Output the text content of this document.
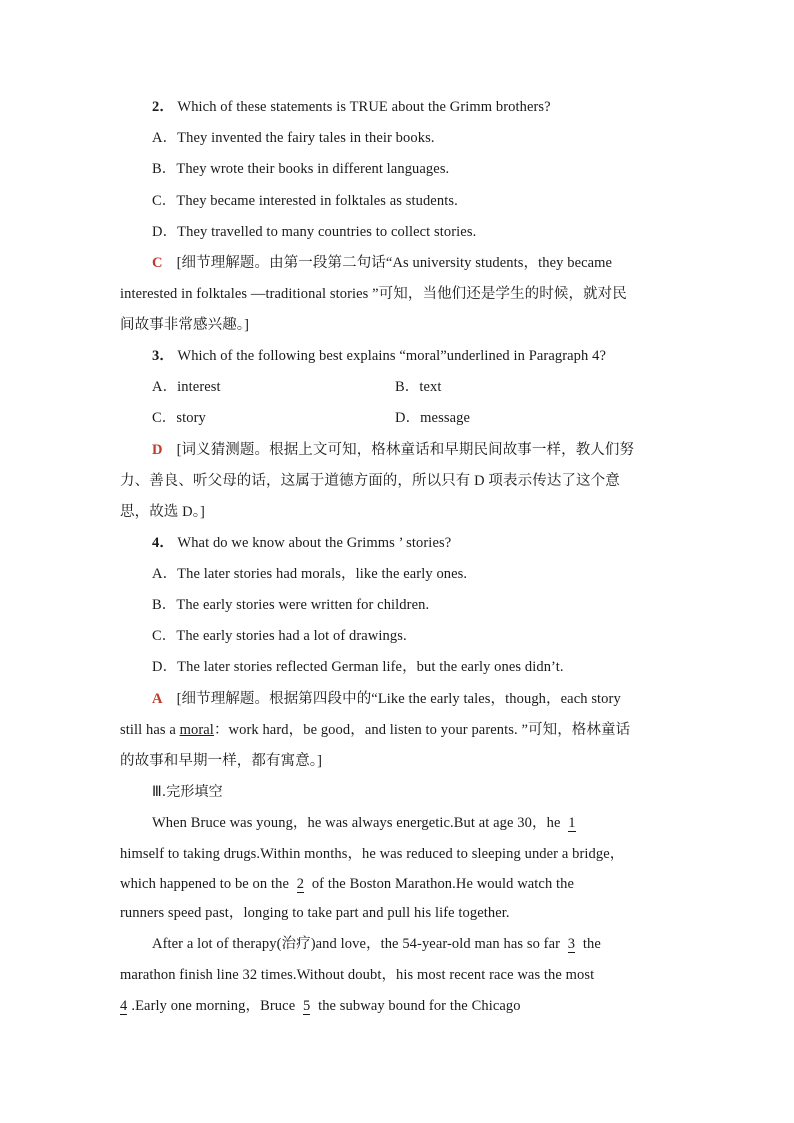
2． Which of these statements is TRUE about the Grimm brothers?
A．They invented the fairy tales in their books.
B．They wrote their books in different languages.
C．They became interested in folktales as students.
D．They travelled to many countries to collect stories.
C [细节理解题。由第一段第二句话“As university students，they became
interested in folktales —traditional stories ”可知，当他们还是学生的时候，就对民
间故事非常感兴趣。]
3． Which of the following best explains “moral”underlined in Paragraph 4?
A．interest	B．text
C．story	D．message
D [词义猜测题。根据上文可知，格林童话和早期民间故事一样，教人们努
力、善良、听父母的话，这属于道德方面的，所以只有 D 项表示传达了这个意
思，故选 D。]
4． What do we know about the Grimms ’ stories?
A．The later stories had morals，like the early ones.
B．The early stories were written for children.
C．The early stories had a lot of drawings.
D．The later stories reflected German life，but the early ones didn’t.
A [细节理解题。根据第四段中的“Like the early tales，though，each story
still has a moral：work hard，be good，and listen to your parents. ”可知，格林童话
的故事和早期一样，都有寓意。]
Ⅲ.完形填空
When Bruce was young，he was always energetic.But at age 30，he 1
himself to taking drugs.Within months，he was reduced to sleeping under a bridge，
which happened to be on the 2 of the Boston Marathon.He would watch the
runners speed past，longing to take part and pull his life together.
After a lot of therapy(治疗)and love，the 54-year-old man has so far 3 the
marathon finish line 32 times.Without doubt，his most recent race was the most
4 .Early one morning，Bruce 5 the subway bound for the Chicago
